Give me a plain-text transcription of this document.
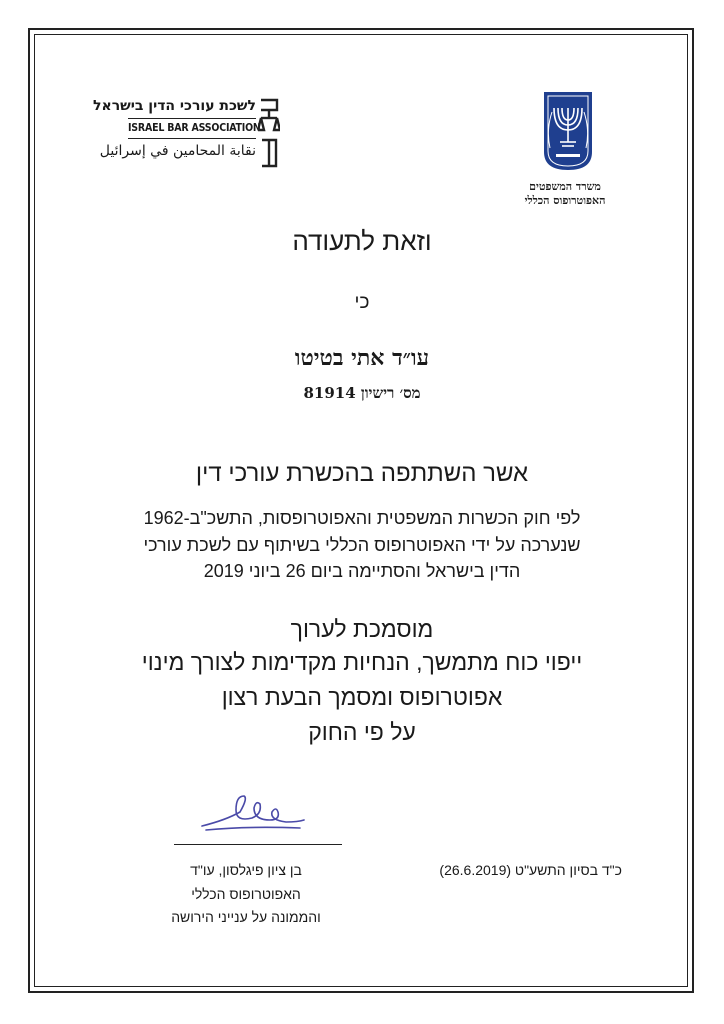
משרד המשפטים
האפוטרופוס הכללי
לשכת עורכי הדין בישראל
ISRAEL BAR ASSOCIATION
نقابة المحامين في إسرائيل
וזאת לתעודה
כי
עו״ד אתי בטיטו
מס׳ רישיון 81914
אשר השתתפה בהכשרת עורכי דין
לפי חוק הכשרות המשפטית והאפוטרופסות, התשכ"ב-1962
שנערכה על ידי האפוטרופוס הכללי בשיתוף עם לשכת עורכי
הדין בישראל והסתיימה ביום 26 ביוני 2019
מוסמכת לערוך
ייפוי כוח מתמשך, הנחיות מקדימות לצורך מינוי
אפוטרופוס ומסמך הבעת רצון
על פי החוק
בן ציון פיגלסון, עו"ד
האפוטרופוס הכללי
והממונה על ענייני הירושה
כ"ד בסיון התשע"ט (26.6.2019)
